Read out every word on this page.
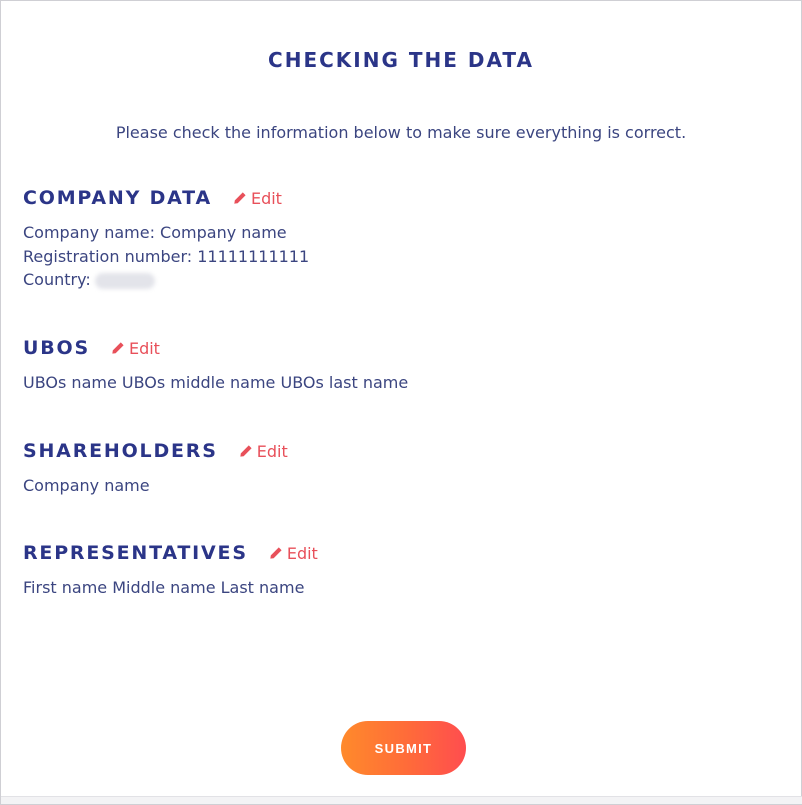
CHECKING THE DATA
Please check the information below to make sure everything is correct.
COMPANY DATA Edit
Company name: Company name
Registration number: 11111111111
Country:
UBOS Edit
UBOs name UBOs middle name UBOs last name
SHAREHOLDERS Edit
Company name
REPRESENTATIVES Edit
First name Middle name Last name
SUBMIT
